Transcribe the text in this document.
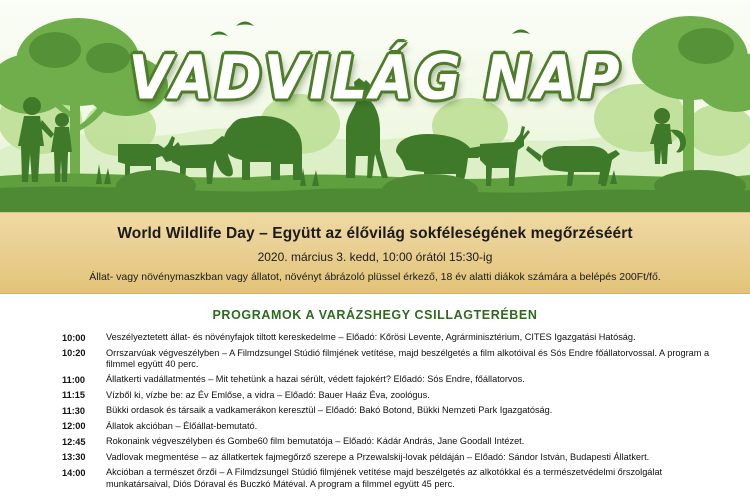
VADVILÁG NAP
World Wildlife Day – Együtt az élővilág sokféleségének megőrzéséért
2020. március 3. kedd, 10:00 órától 15:30-ig
Állat- vagy növénymaszkban vagy állatot, növényt ábrázoló plüssel érkező, 18 év alatti diákok számára a belépés 200Ft/fő.
PROGRAMOK A VARÁZSHEGY CSILLAGTERÉBEN
10:00	Veszélyeztetett állat- és növényfajok tiltott kereskedelme – Előadó: Kőrösi Levente, Agrárminisztérium, CITES Igazgatási Hatóság.
10:20	Orrszarvúak végveszélyben – A Filmdzsungel Stúdió filmjének vetítése, majd beszélgetés a film alkotóival és Sós Endre főállatorvossal. A program a filmmel együtt 40 perc.
11:00	Állatkerti vadállatmentés – Mit tehetünk a hazai sérült, védett fajokért? Előadó: Sós Endre, főállatorvos.
11:15	Vízből ki, vízbe be: az Év Emlőse, a vidra – Előadó: Bauer Haáz Éva, zoológus.
11:30	Bükki ordasok és társaik a vadkamerákon keresztül – Előadó: Bakó Botond, Bükki Nemzeti Park Igazgatóság.
12:00	Állatok akcióban – Élőállat-bemutató.
12:45	Rokonaink végveszélyben és Gombe60 film bemutatója – Előadó: Kádár András, Jane Goodall Intézet.
13:30	Vadlovak megmentése – az állatkertek fajmegőrző szerepe a Przewalskij-lovak példáján – Előadó: Sándor István, Budapesti Állatkert.
14:00	Akcióban a természet őrzői – A Filmdzsungel Stúdió filmjének vetítése majd beszélgetés az alkotókkal és a természetvédelmi őrszolgálat munkatársaival, Diós Dóraval és Buczkó Mátéval. A program a filmmel együtt 45 perc.
